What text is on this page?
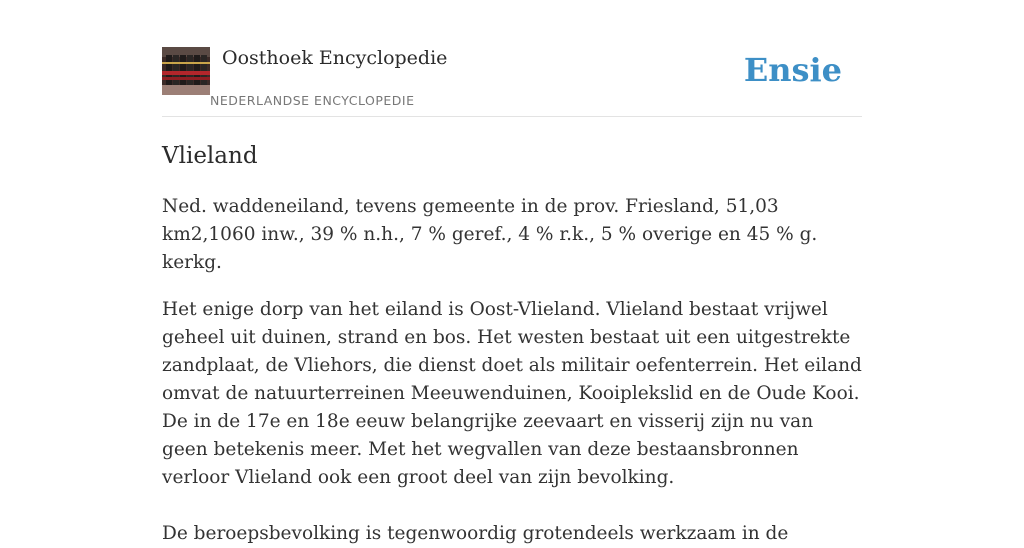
Oosthoek Encyclopedie
NEDERLANDSE ENCYCLOPEDIE
Ensie
Vlieland

Ned. waddeneiland, tevens gemeente in de prov. Friesland, 51,03 km2,1060 inw., 39 % n.h., 7 % geref., 4 % r.k., 5 % overige en 45 % g. kerkg.

Het enige dorp van het eiland is Oost-Vlieland. Vlieland bestaat vrijwel geheel uit duinen, strand en bos. Het westen bestaat uit een uitgestrekte zandplaat, de Vliehors, die dienst doet als militair oefenterrein. Het eiland omvat de natuurterreinen Meeuwenduinen, Kooiplekslid en de Oude Kooi. De in de 17e en 18e eeuw belangrijke zeevaart en visserij zijn nu van geen betekenis meer. Met het wegvallen van deze bestaansbronnen verloor Vlieland ook een groot deel van zijn bevolking.

De beroepsbevolking is tegenwoordig grotendeels werkzaam in de
